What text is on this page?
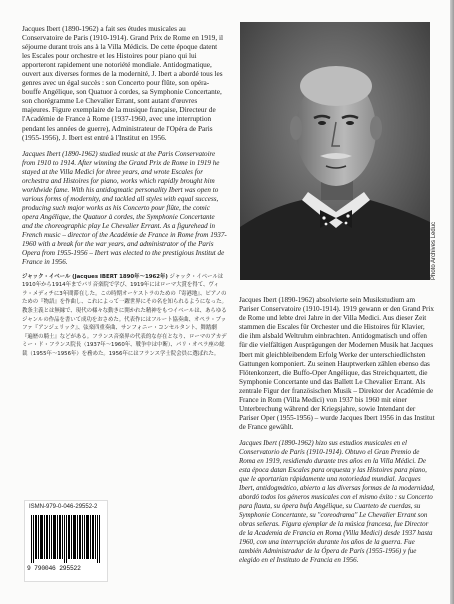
Jacques Ibert (1890-1962) a fait ses études musicales au Conservatoire de Paris (1910-1914). Grand Prix de Rome en 1919, il séjourne durant trois ans à la Villa Médicis. De cette époque datent les Escales pour orchestre et les Histoires pour piano qui lui apporteront rapidement une notoriété mondiale. Antidogmatique, ouvert aux diverses formes de la modernité, J. Ibert a abordé tous les genres avec un égal succès : son Concerto pour flûte, son opéra-bouffe Angélique, son Quatuor à cordes, sa Symphonie Concertante, son chorégramme Le Chevalier Errant, sont autant d'œuvres majeures. Figure exemplaire de la musique française, Directeur de l'Académie de France à Rome (1937-1960, avec une interruption pendant les années de guerre), Administrateur de l'Opéra de Paris (1955-1956), J. Ibert est entré à l'Institut en 1956.

Jacques Ibert (1890-1962) studied music at the Paris Conservatoire from 1910 to 1914. After winning the Grand Prix de Rome in 1919 he stayed at the Villa Medici for three years, and wrote Escales for orchestra and Histoires for piano, works which rapidly brought him worldwide fame. With his antidogmatic personality Ibert was open to various forms of modernity, and tackled all styles with equal success, producing such major works as his Concerto pour flûte, the comic opera Angélique, the Quatuor à cordes, the Symphonie Concertante and the choreographic play Le Chevalier Errant. As a figurehead in French music – director of the Académie de France in Rome from 1937-1960 with a break for the war years, and administrator of the Paris Opera from 1955-1956 – Ibert was elected to the prestigious Institut de France in 1956.

ジャック・イベール (Jacques IBERT 1890年〜1962年) ジャック・イベールは1910年から1914年までパリ音楽院で学び、1919年にはローマ大賞を得て、ヴィラ・メディチに3年間滞在した。この時期オーケストラのための『寄港地』、ピアノのための『物語』を作曲し、これによって一躍世界にその名を知られるようになった。教条主義とは無縁で、現代の様々な動きに開かれた精神をもつイベールは、あらゆるジャンルの作品を書いて成功をおさめた。代表作にはフルート協奏曲、オペラ・ブッファ『アンジェリック』、弦楽四重奏曲、サンフォニー・コンセルタント、舞踏劇『遍歴の騎士』などがある。フランス音楽界の代表的な存在となり、ローマのアカデミー・ド・フランス院長（1937年〜1960年、戦争中は中断）、パリ・オペラ座の総裁（1955年〜1956年）を務めた。1956年にはフランス学士院会員に選ばれた。
Photo Archives Leduc

Jacques Ibert (1890-1962) absolvierte sein Musikstudium am Pariser Conservatoire (1910-1914). 1919 gewann er den Grand Prix de Rome und lebte drei Jahre in der Villa Medici. Aus dieser Zeit stammen die Escales für Orchester und die Histoires für Klavier, die ihm alsbald Weltruhm einbrachten. Antidogmatisch und offen für die vielfältigen Ausprägungen der Modernen Musik hat Jacques Ibert mit gleichbleibendem Erfolg Werke der unterschiedlichsten Gattungen komponiert. Zu seinen Hauptwerken zählen ebenso das Flötenkonzert, die Buffo-Oper Angélique, das Streichquartett, die Symphonie Concertante und das Ballett Le Chevalier Errant. Als zentrale Figur der französischen Musik – Direktor der Académie de France in Rom (Villa Medici) von 1937 bis 1960 mit einer Unterbrechung während der Kriegsjahre, sowie Intendant der Pariser Oper (1955-1956) – wurde Jacques Ibert 1956 in das Institut de France gewählt.

Jacques Ibert (1890-1962) hizo sus estudios musicales en el Conservatorio de París (1910-1914). Obtuvo el Gran Premio de Roma en 1919, residiendo durante tres años en la Villa Médici. De esta época datan Escales para orquesta y las Histoires para piano, que le aportarían rápidamente una notoriedad mundial. Jacques Ibert, antidogmático, abierto a las diversas formas de la modernidad, abordó todos los géneros musicales con el mismo éxito : su Concerto para flauta, su ópera bufa Angélique, su Cuarteto de cuerdas, su Symphonie Concertante, su "coreodrama" Le Chevalier Errant son obras señeras. Figura ejemplar de la música francesa, fue Director de la Academia de Francia en Roma (Villa Medici) desde 1937 hasta 1960, con una interrupción durante los años de la guerra. Fue también Administrador de la Ópera de París (1955-1956) y fue elegido en el Instituto de Francia en 1956.

ISMN-979-0-046-29552-2
9 790046 295522
